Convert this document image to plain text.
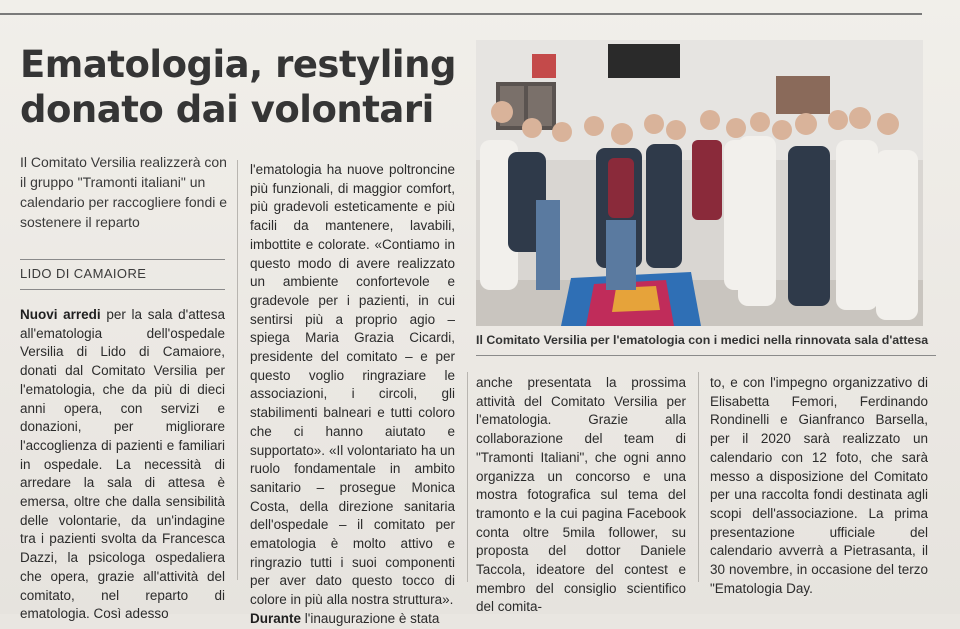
Ematologia, restyling
donato dai volontari

Il Comitato Versilia realizzerà con il gruppo "Tramonti italiani" un calendario per raccogliere fondi e sostenere il reparto

LIDO DI CAMAIORE

Nuovi arredi per la sala d'attesa all'ematologia dell'ospedale Versilia di Lido di Camaiore, donati dal Comitato Versilia per l'ematologia, che da più di dieci anni opera, con servizi e donazioni, per migliorare l'accoglienza di pazienti e familiari in ospedale. La necessità di arredare la sala di attesa è emersa, oltre che dalla sensibilità delle volontarie, da un'indagine tra i pazienti svolta da Francesca Dazzi, la psicologa ospedaliera che opera, grazie all'attività del comitato, nel reparto di ematologia. Così adesso

l'ematologia ha nuove poltroncine più funzionali, di maggior comfort, più gradevoli esteticamente e più facili da mantenere, lavabili, imbottite e colorate. «Contiamo in questo modo di avere realizzato un ambiente confortevole e gradevole per i pazienti, in cui sentirsi più a proprio agio – spiega Maria Grazia Cicardi, presidente del comitato – e per questo voglio ringraziare le associazioni, i circoli, gli stabilimenti balneari e tutti coloro che ci hanno aiutato e supportato». «Il volontariato ha un ruolo fondamentale in ambito sanitario – prosegue Monica Costa, della direzione sanitaria dell'ospedale – il comitato per ematologia è molto attivo e ringrazio tutti i suoi componenti per aver dato questo tocco di colore in più alla nostra struttura».
Durante l'inaugurazione è stata

Il Comitato Versilia per l'ematologia con i medici nella rinnovata sala d'attesa

anche presentata la prossima attività del Comitato Versilia per l'ematologia. Grazie alla collaborazione del team di "Tramonti Italiani", che ogni anno organizza un concorso e una mostra fotografica sul tema del tramonto e la cui pagina Facebook conta oltre 5mila follower, su proposta del dottor Daniele Taccola, ideatore del contest e membro del consiglio scientifico del comita-

to, e con l'impegno organizzativo di Elisabetta Femori, Ferdinando Rondinelli e Gianfranco Barsella, per il 2020 sarà realizzato un calendario con 12 foto, che sarà messo a disposizione del Comitato per una raccolta fondi destinata agli scopi dell'associazione. La prima presentazione ufficiale del calendario avverrà a Pietrasanta, il 30 novembre, in occasione del terzo "Ematologia Day.
